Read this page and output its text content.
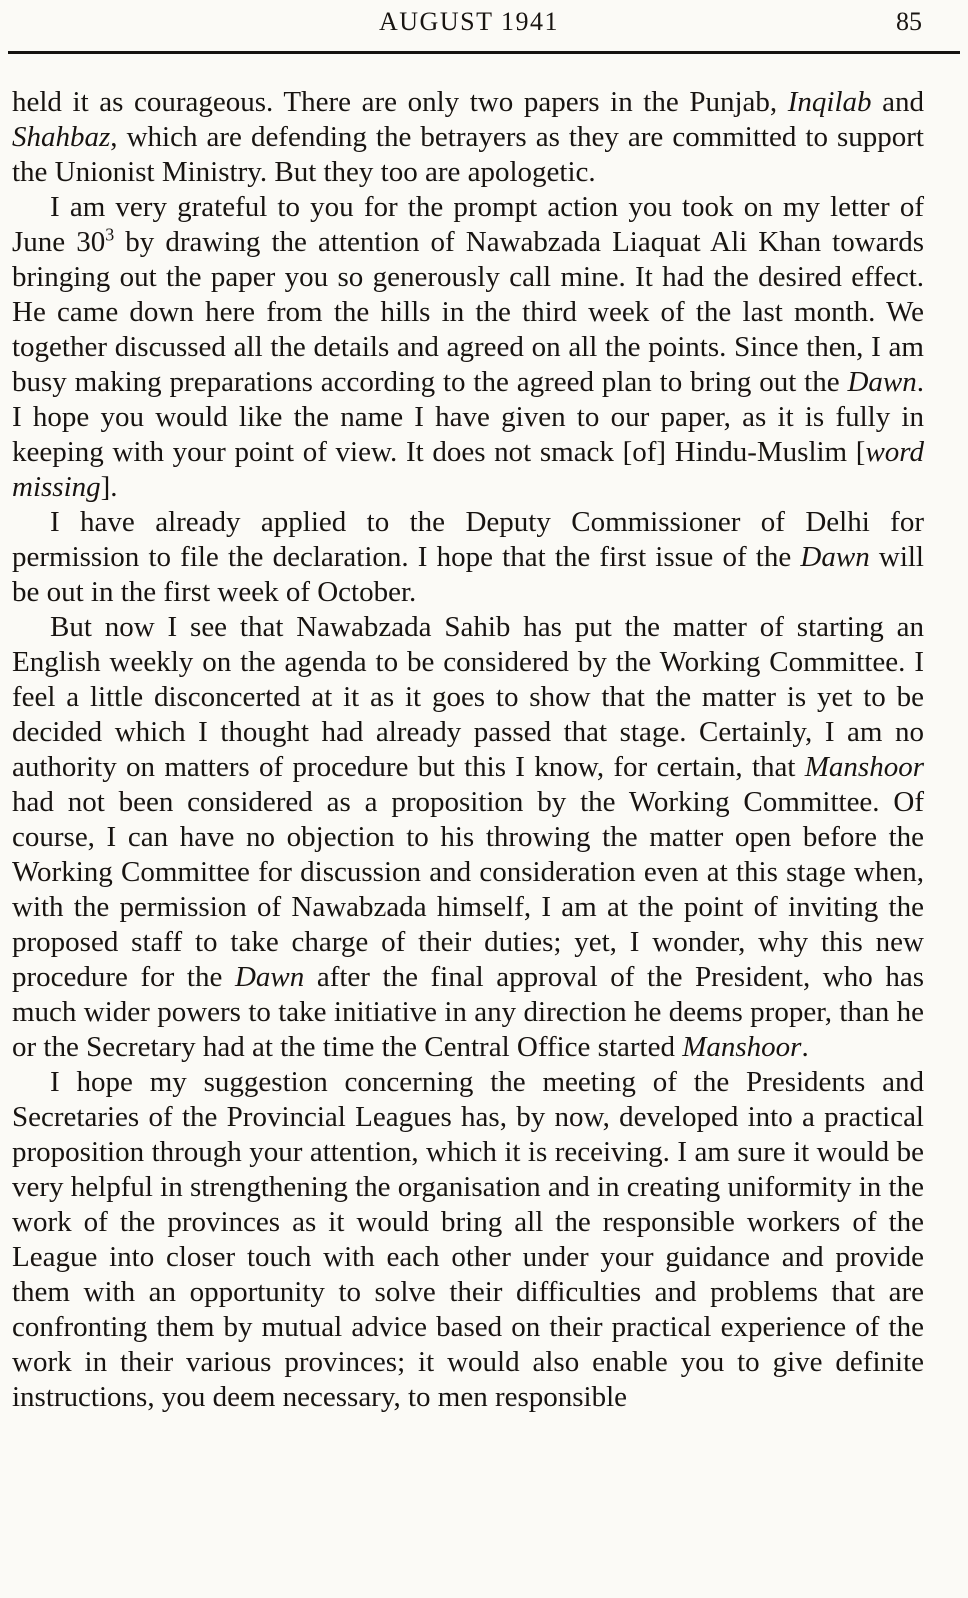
AUGUST 1941	85

held it as courageous. There are only two papers in the Punjab, Inqilab and Shahbaz, which are defending the betrayers as they are committed to support the Unionist Ministry. But they too are apologetic.

I am very grateful to you for the prompt action you took on my letter of June $30^3$ by drawing the attention of Nawabzada Liaquat Ali Khan towards bringing out the paper you so generously call mine. It had the desired effect. He came down here from the hills in the third week of the last month. We together discussed all the details and agreed on all the points. Since then, I am busy making preparations according to the agreed plan to bring out the Dawn. I hope you would like the name I have given to our paper, as it is fully in keeping with your point of view. It does not smack [of] Hindu-Muslim [word missing].

I have already applied to the Deputy Commissioner of Delhi for permission to file the declaration. I hope that the first issue of the Dawn will be out in the first week of October.

But now I see that Nawabzada Sahib has put the matter of starting an English weekly on the agenda to be considered by the Working Committee. I feel a little disconcerted at it as it goes to show that the matter is yet to be decided which I thought had already passed that stage. Certainly, I am no authority on matters of procedure but this I know, for certain, that Manshoor had not been considered as a proposition by the Working Committee. Of course, I can have no objection to his throwing the matter open before the Working Committee for discussion and consideration even at this stage when, with the permission of Nawabzada himself, I am at the point of inviting the proposed staff to take charge of their duties; yet, I wonder, why this new procedure for the Dawn after the final approval of the President, who has much wider powers to take initiative in any direction he deems proper, than he or the Secretary had at the time the Central Office started Manshoor.

I hope my suggestion concerning the meeting of the Presidents and Secretaries of the Provincial Leagues has, by now, developed into a practical proposition through your attention, which it is receiving. I am sure it would be very helpful in strengthening the organisation and in creating uniformity in the work of the provinces as it would bring all the responsible workers of the League into closer touch with each other under your guidance and provide them with an opportunity to solve their difficulties and problems that are confronting them by mutual advice based on their practical experience of the work in their various provinces; it would also enable you to give definite instructions, you deem necessary, to men responsible
